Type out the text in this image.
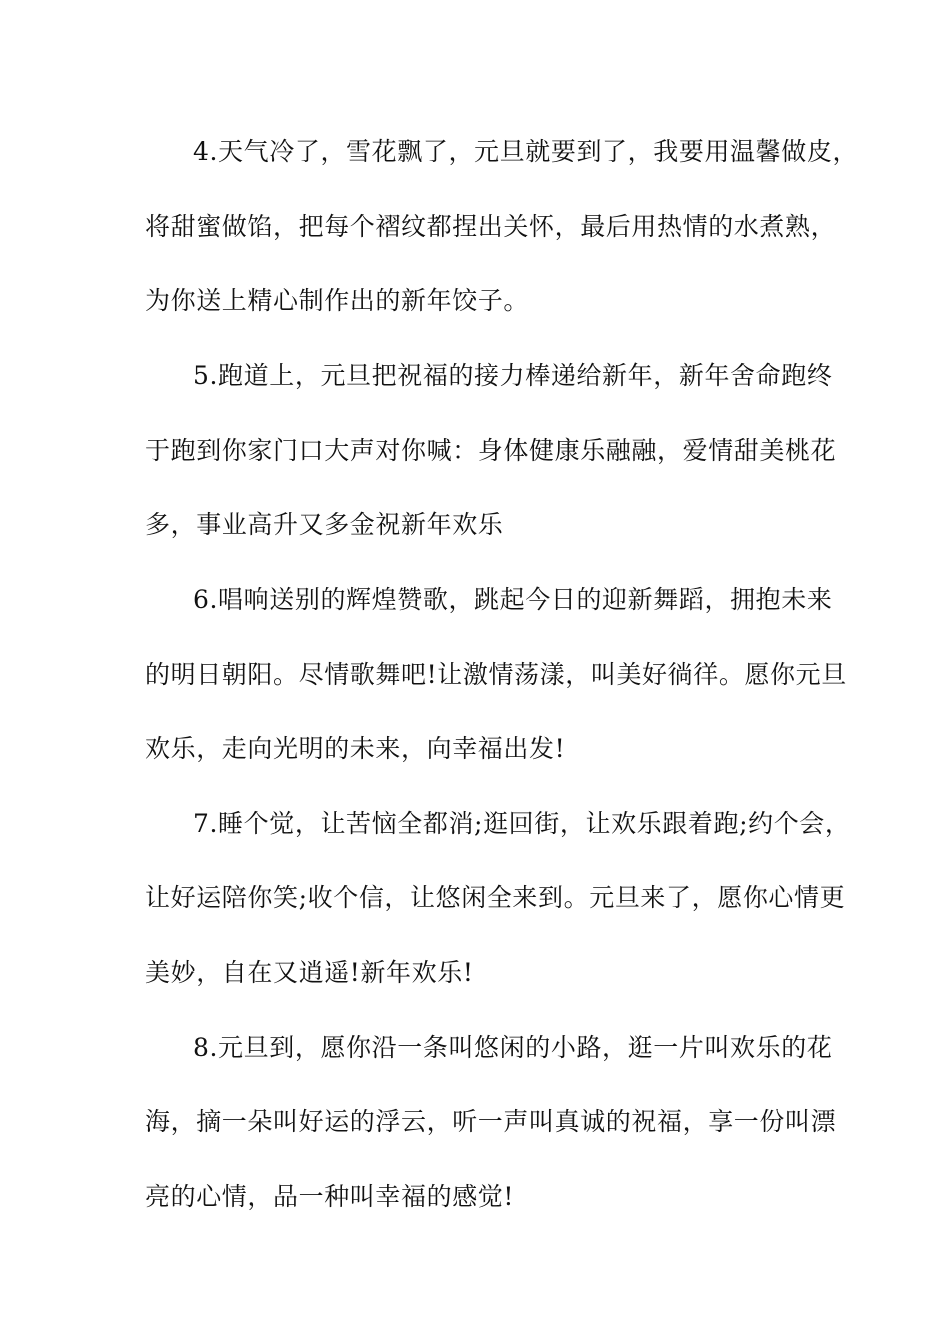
4.天气冷了，雪花飘了，元旦就要到了，我要用温馨做皮，
将甜蜜做馅，把每个褶纹都捏出关怀，最后用热情的水煮熟，
为你送上精心制作出的新年饺子。
5.跑道上，元旦把祝福的接力棒递给新年，新年舍命跑终
于跑到你家门口大声对你喊：身体健康乐融融，爱情甜美桃花
多，事业高升又多金祝新年欢乐
6.唱响送别的辉煌赞歌，跳起今日的迎新舞蹈，拥抱未来
的明日朝阳。尽情歌舞吧!让激情荡漾，叫美好徜徉。愿你元旦
欢乐，走向光明的未来，向幸福出发!
7.睡个觉，让苦恼全都消;逛回街，让欢乐跟着跑;约个会，
让好运陪你笑;收个信，让悠闲全来到。元旦来了，愿你心情更
美妙，自在又逍遥!新年欢乐!
8.元旦到，愿你沿一条叫悠闲的小路，逛一片叫欢乐的花
海，摘一朵叫好运的浮云，听一声叫真诚的祝福，享一份叫漂
亮的心情，品一种叫幸福的感觉!
